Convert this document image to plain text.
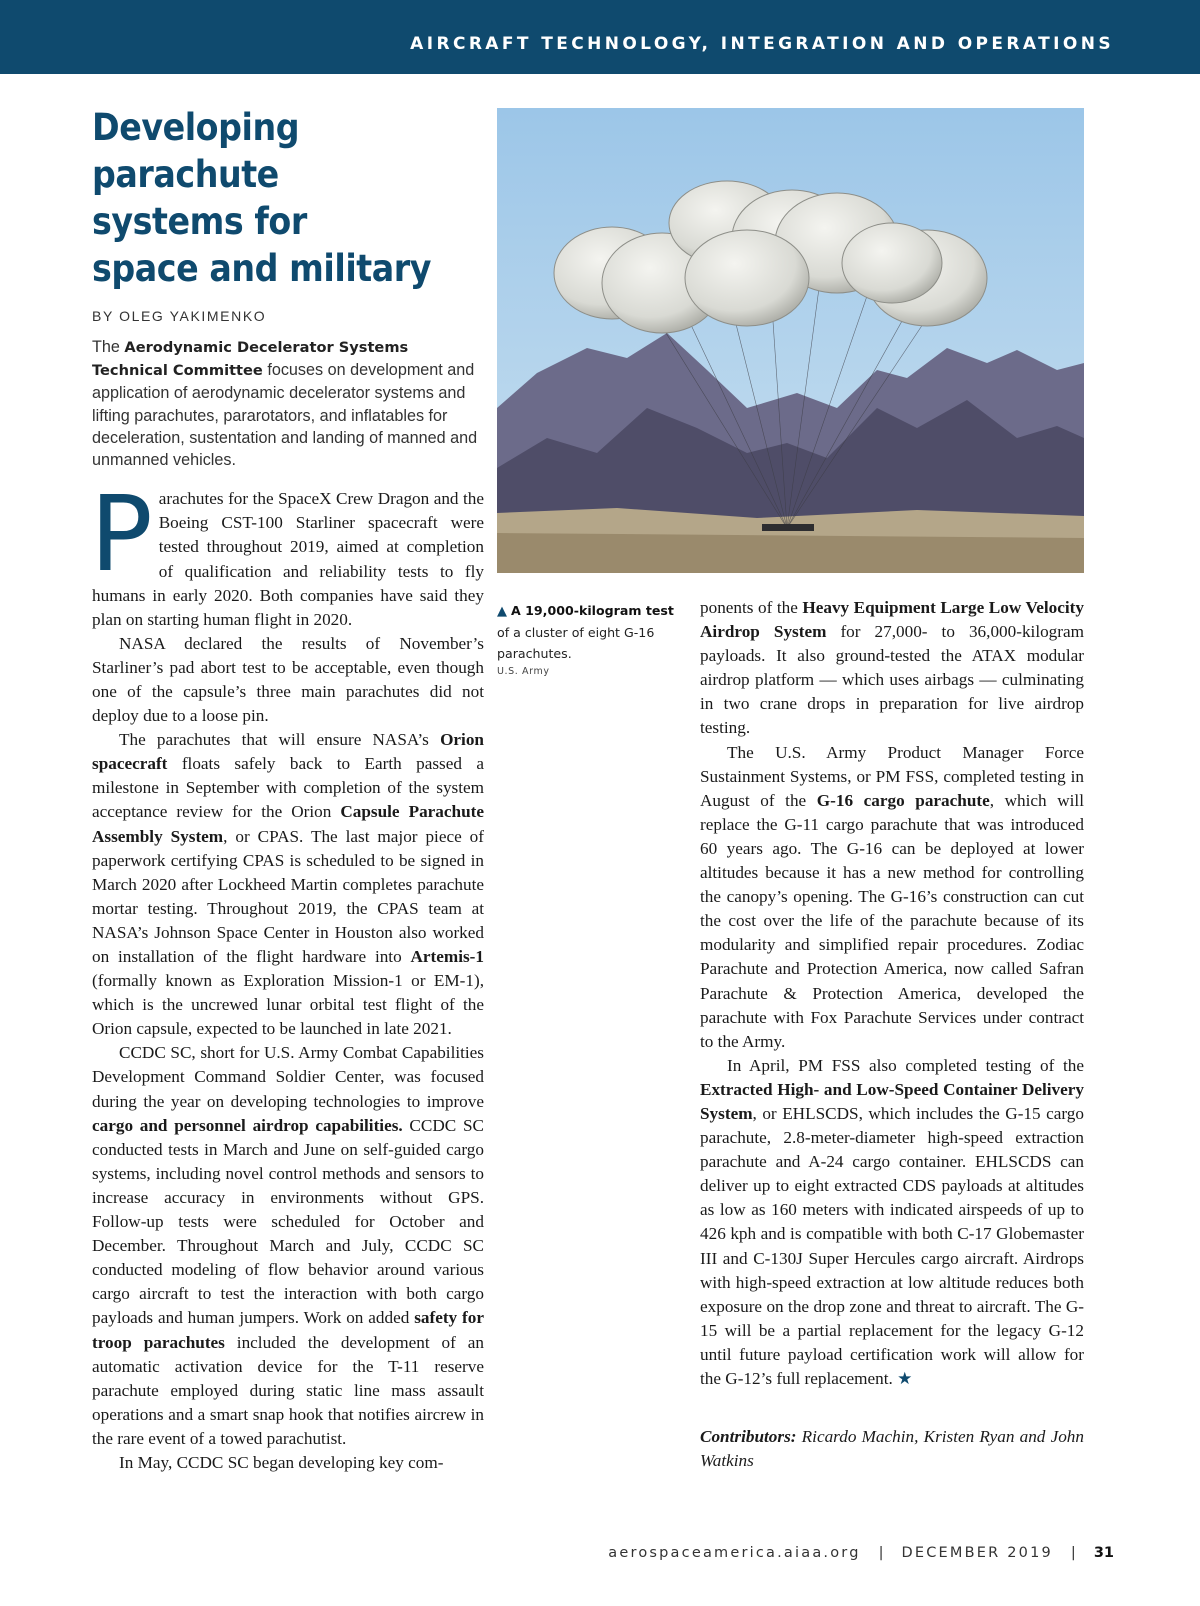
AIRCRAFT TECHNOLOGY, INTEGRATION AND OPERATIONS
Developing parachute
systems for
space and military
BY OLEG YAKIMENKO
The Aerodynamic Decelerator Systems Technical Committee focuses on development and application of aerodynamic decelerator systems and lifting parachutes, pararotators, and inflatables for deceleration, sustentation and landing of manned and unmanned vehicles.

Parachutes for the SpaceX Crew Dragon and the Boeing CST-100 Starliner spacecraft were tested throughout 2019, aimed at completion of qualification and reliability tests to fly humans in early 2020. Both companies have said they plan on starting human flight in 2020.

NASA declared the results of November’s Starliner’s pad abort test to be acceptable, even though one of the capsule’s three main parachutes did not deploy due to a loose pin.

The parachutes that will ensure NASA’s Orion spacecraft floats safely back to Earth passed a milestone in September with completion of the system acceptance review for the Orion Capsule Parachute Assembly System, or CPAS. The last major piece of paperwork certifying CPAS is scheduled to be signed in March 2020 after Lockheed Martin completes parachute mortar testing. Throughout 2019, the CPAS team at NASA’s Johnson Space Center in Houston also worked on installation of the flight hardware into Artemis-1 (formally known as Exploration Mission-1 or EM-1), which is the uncrewed lunar orbital test flight of the Orion capsule, expected to be launched in late 2021.

CCDC SC, short for U.S. Army Combat Capabilities Development Command Soldier Center, was focused during the year on developing technologies to improve cargo and personnel airdrop capabilities. CCDC SC conducted tests in March and June on self-guided cargo systems, including novel control methods and sensors to increase accuracy in environments without GPS. Follow-up tests were scheduled for October and December. Throughout March and July, CCDC SC conducted modeling of flow behavior around various cargo aircraft to test the interaction with both cargo payloads and human jumpers. Work on added safety for troop parachutes included the development of an automatic activation device for the T-11 reserve parachute employed during static line mass assault operations and a smart snap hook that notifies aircrew in the rare event of a towed parachutist.

In May, CCDC SC began developing key com-

▲ A 19,000-kilogram test of a cluster of eight G-16 parachutes.
U.S. Army

ponents of the Heavy Equipment Large Low Velocity Airdrop System for 27,000- to 36,000-kilogram payloads. It also ground-tested the ATAX modular airdrop platform — which uses airbags — culminating in two crane drops in preparation for live airdrop testing.

The U.S. Army Product Manager Force Sustainment Systems, or PM FSS, completed testing in August of the G-16 cargo parachute, which will replace the G-11 cargo parachute that was introduced 60 years ago. The G-16 can be deployed at lower altitudes because it has a new method for controlling the canopy’s opening. The G-16’s construction can cut the cost over the life of the parachute because of its modularity and simplified repair procedures. Zodiac Parachute and Protection America, now called Safran Parachute & Protection America, developed the parachute with Fox Parachute Services under contract to the Army.

In April, PM FSS also completed testing of the Extracted High- and Low-Speed Container Delivery System, or EHLSCDS, which includes the G-15 cargo parachute, 2.8-meter-diameter high-speed extraction parachute and A-24 cargo container. EHLSCDS can deliver up to eight extracted CDS payloads at altitudes as low as 160 meters with indicated airspeeds of up to 426 kph and is compatible with both C-17 Globemaster III and C-130J Super Hercules cargo aircraft. Airdrops with high-speed extraction at low altitude reduces both exposure on the drop zone and threat to aircraft. The G-15 will be a partial replacement for the legacy G-12 until future payload certification work will allow for the G-12’s full replacement. ★

Contributors: Ricardo Machin, Kristen Ryan and John Watkins
aerospaceamerica.aiaa.org | DECEMBER 2019 | 31
